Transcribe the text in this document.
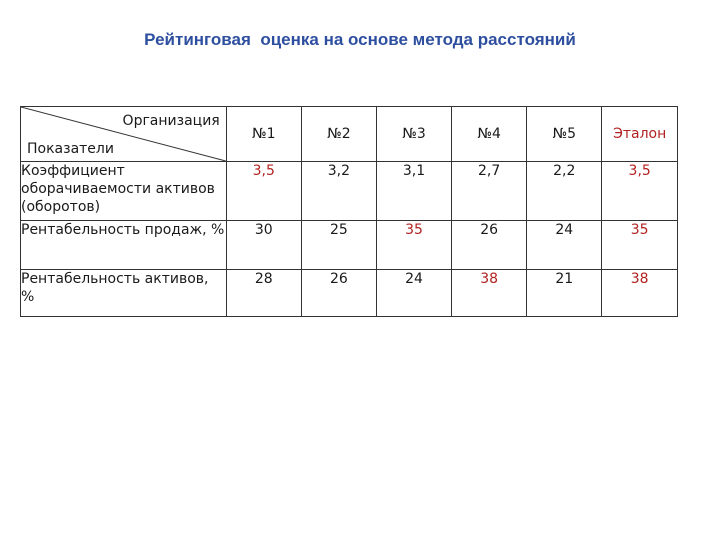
Рейтинговая  оценка на основе метода расстояний
Организация
Показатели	№1	№2	№3	№4	№5	Эталон
Коэффициент оборачиваемости активов (оборотов)	3,5	3,2	3,1	2,7	2,2	3,5
Рентабельность продаж, %	30	25	35	26	24	35
Рентабельность активов, %	28	26	24	38	21	38
